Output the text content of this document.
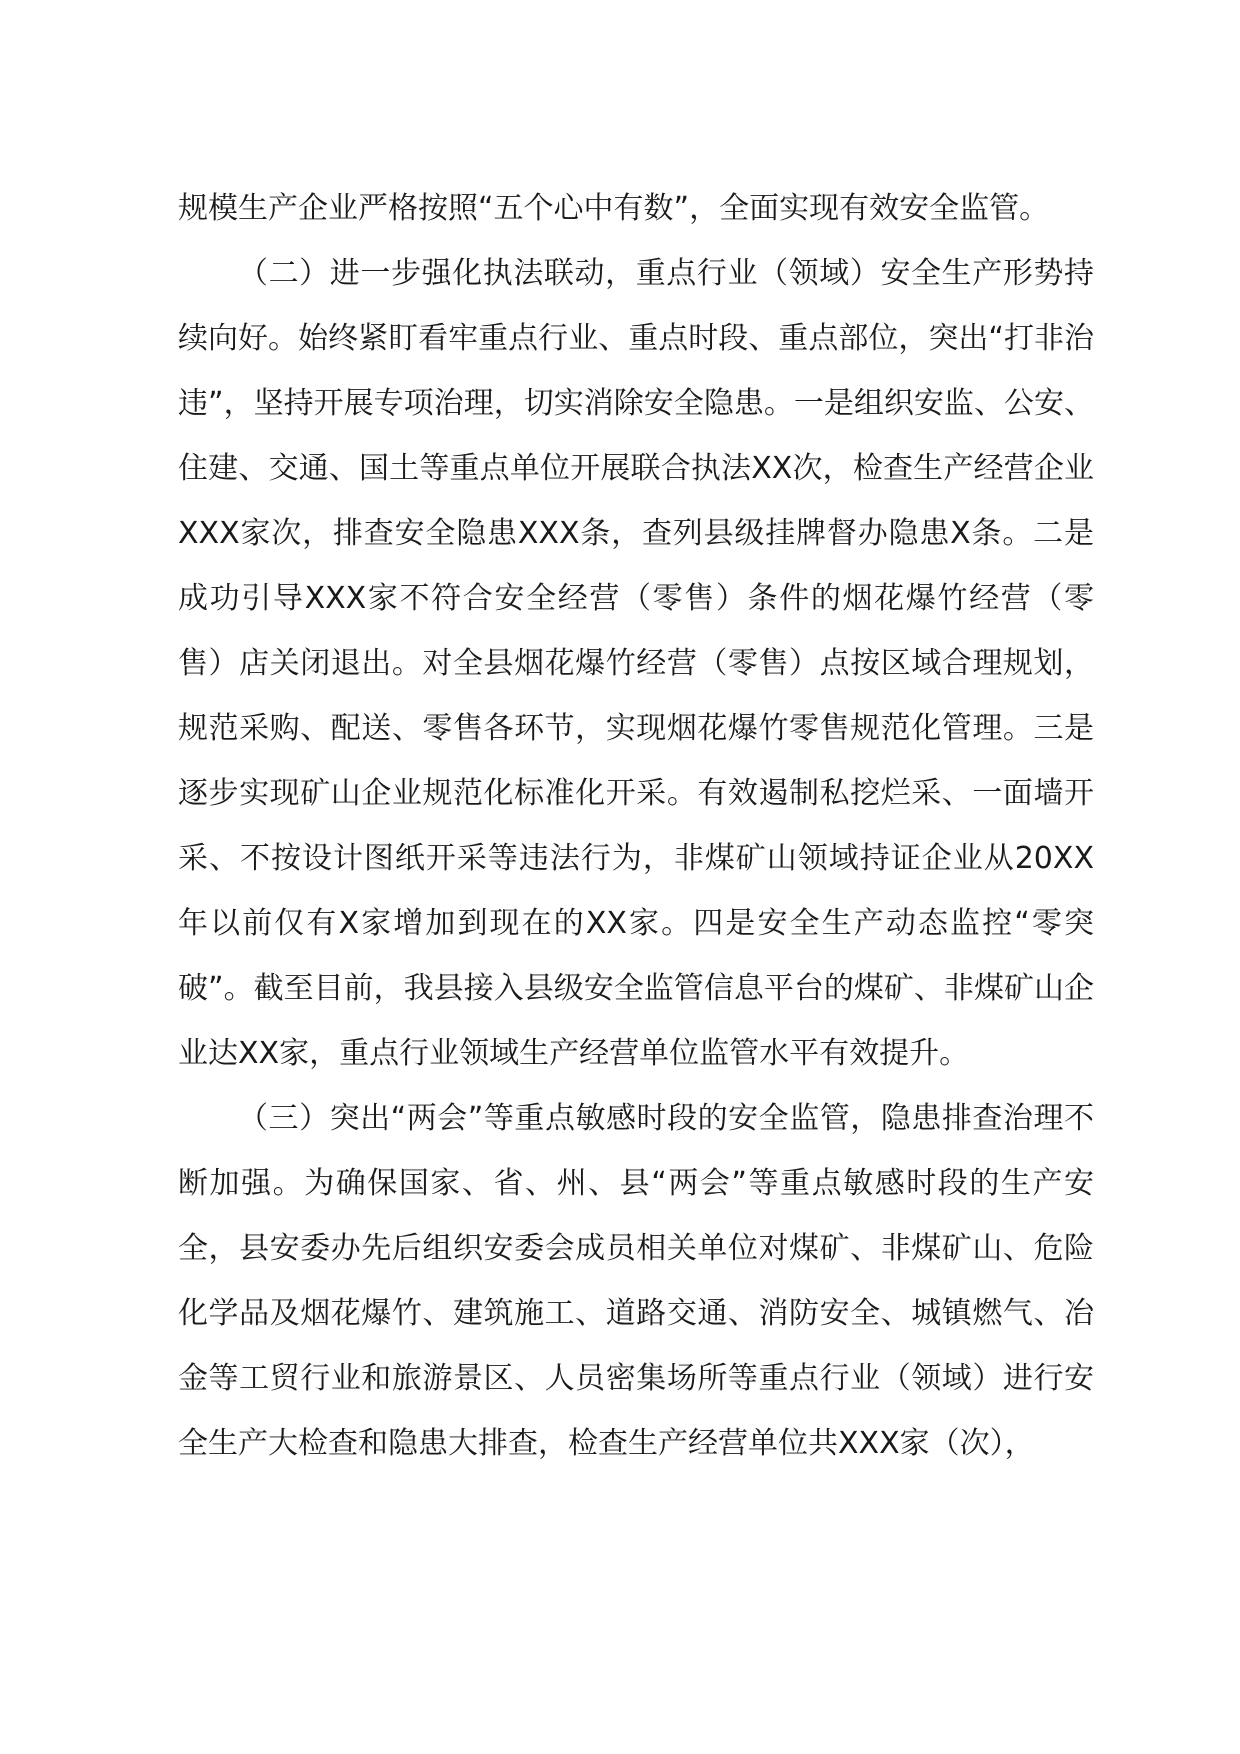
规模生产企业严格按照“五个心中有数”，全面实现有效安全监管。

（二）进一步强化执法联动，重点行业（领域）安全生产形势持续向好。始终紧盯看牢重点行业、重点时段、重点部位，突出“打非治违”，坚持开展专项治理，切实消除安全隐患。一是组织安监、公安、住建、交通、国土等重点单位开展联合执法XX次，检查生产经营企业XXX家次，排查安全隐患XXX条，查列县级挂牌督办隐患X条。二是成功引导XXX家不符合安全经营（零售）条件的烟花爆竹经营（零售）店关闭退出。对全县烟花爆竹经营（零售）点按区域合理规划，规范采购、配送、零售各环节，实现烟花爆竹零售规范化管理。三是逐步实现矿山企业规范化标准化开采。有效遏制私挖烂采、一面墙开采、不按设计图纸开采等违法行为，非煤矿山领域持证企业从20XX年以前仅有X家增加到现在的XX家。四是安全生产动态监控“零突破”。截至目前，我县接入县级安全监管信息平台的煤矿、非煤矿山企业达XX家，重点行业领域生产经营单位监管水平有效提升。

（三）突出“两会”等重点敏感时段的安全监管，隐患排查治理不断加强。为确保国家、省、州、县“两会”等重点敏感时段的生产安全，县安委办先后组织安委会成员相关单位对煤矿、非煤矿山、危险化学品及烟花爆竹、建筑施工、道路交通、消防安全、城镇燃气、冶金等工贸行业和旅游景区、人员密集场所等重点行业（领域）进行安全生产大检查和隐患大排查，检查生产经营单位共XXX家（次），
